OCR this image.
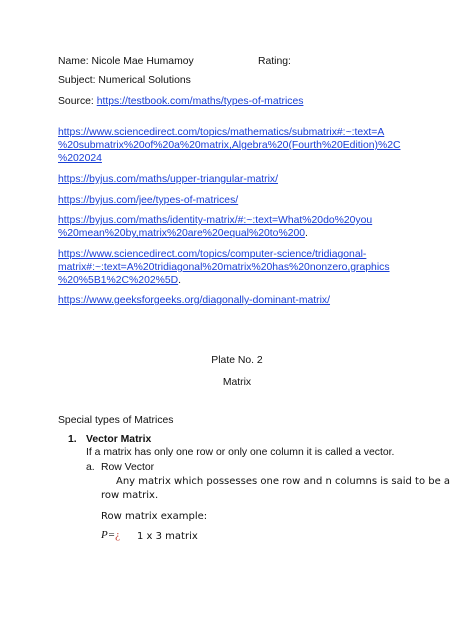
Name: Nicole Mae Humamoy	Rating:
Subject: Numerical Solutions
Source: https://testbook.com/maths/types-of-matrices
https://www.sciencedirect.com/topics/mathematics/submatrix#:~:text=A
%20submatrix%20of%20a%20matrix,Algebra%20(Fourth%20Edition)%2C
%202024
https://byjus.com/maths/upper-triangular-matrix/
https://byjus.com/jee/types-of-matrices/
https://byjus.com/maths/identity-matrix/#:~:text=What%20do%20you
%20mean%20by,matrix%20are%20equal%20to%200.
https://www.sciencedirect.com/topics/computer-science/tridiagonal-
matrix#:~:text=A%20tridiagonal%20matrix%20has%20nonzero,graphics
%20%5B1%2C%202%5D.
https://www.geeksforgeeks.org/diagonally-dominant-matrix/
Plate No. 2
Matrix
Special types of Matrices
1. Vector Matrix
If a matrix has only one row or only one column it is called a vector.
a. Row Vector
Any matrix which possesses one row and n columns is said to be a
row matrix.
Row matrix example:
P=¿ 1 x 3 matrix
